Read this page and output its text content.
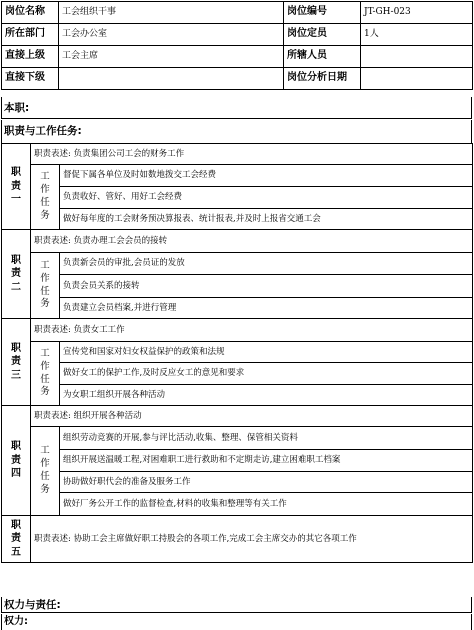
岗位名称	工会组织干事	岗位编号	JT-GH-023
所在部门	工会办公室	岗位定员	1人
直接上级	工会主席	所辖人员	
直接下级		岗位分析日期	
本职:
职责与工作任务:
职
责
一	职责表述: 负责集团公司工会的财务工作	
	工
作
任
务	督促下属各单位及时如数地拨交工会经费
		负责收好、管好、用好工会经费
		做好每年度的工会财务预决算报表、统计报表,并及时上报省交通工会
职
责
二	职责表述: 负责办理工会会员的接转	
	工
作
任
务	负责新会员的审批,会员证的发放
		负责会员关系的接转
		负责建立会员档案,并进行管理
职
责
三	职责表述: 负责女工工作	
	工
作
任
务	宣传党和国家对妇女权益保护的政策和法规
		做好女工的保护工作,及时反应女工的意见和要求
		为女职工组织开展各种活动
职
责
四	职责表述: 组织开展各种活动	
	工
作
任
务	组织劳动竞赛的开展,参与评比活动,收集、整理、保管相关资料
		组织开展送温暖工程,对困难职工进行救助和不定期走访,建立困难职工档案
		协助做好职代会的准备及服务工作
		做好厂务公开工作的监督检查,材料的收集和整理等有关工作
职
责
五	职责表述: 协助工会主席做好职工持股会的各项工作,完成工会主席交办的其它各项工作	
权力与责任:
权力:
